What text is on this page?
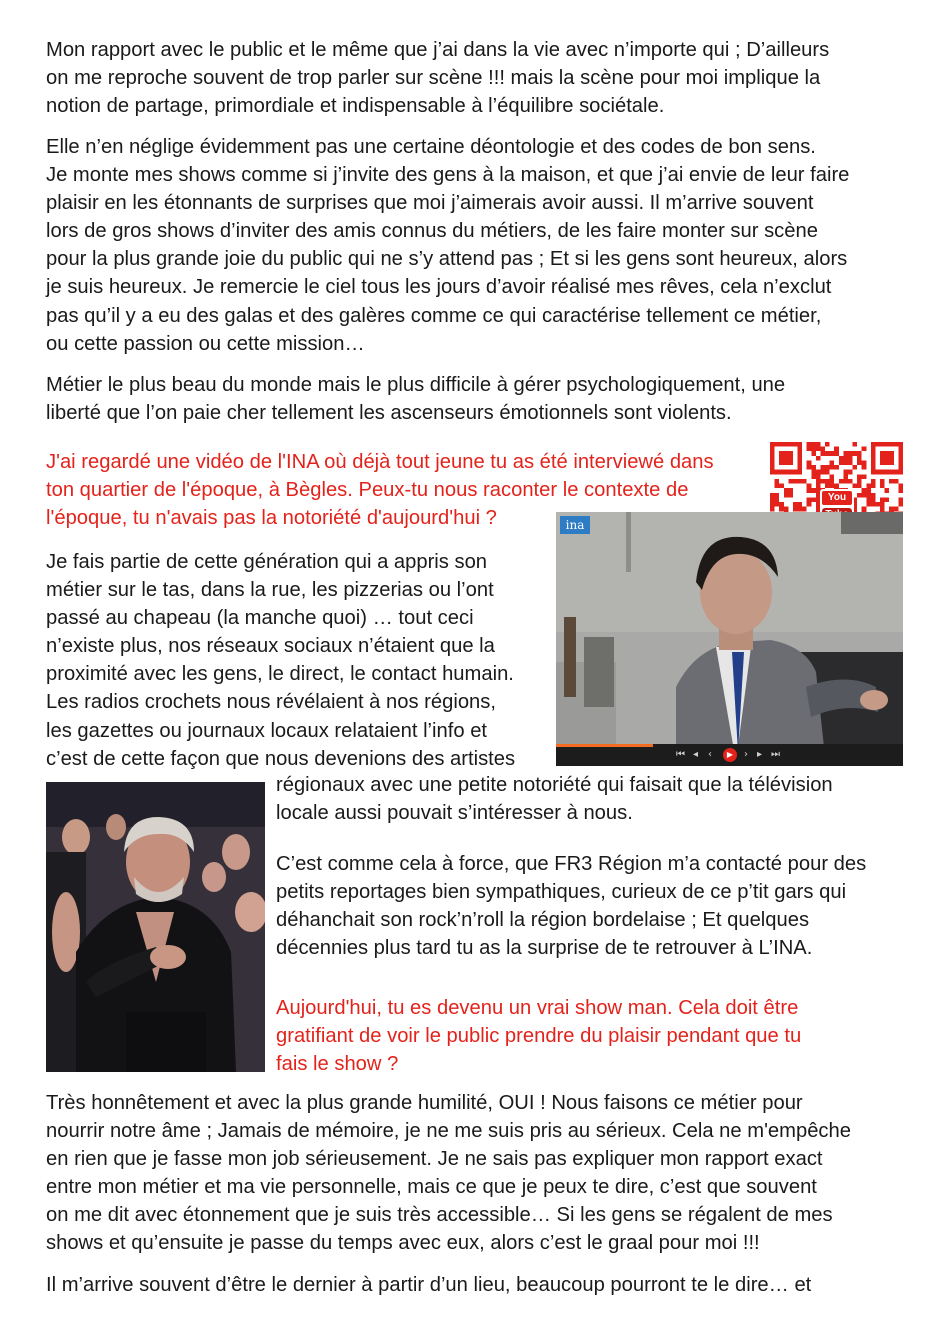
Mon rapport avec le public et le même que j’ai dans la vie avec n’importe qui ; D’ailleurs
on me reproche souvent de trop parler sur scène !!! mais la scène pour moi implique la
notion de partage, primordiale et indispensable à l’équilibre sociétale.
Elle n’en néglige évidemment pas une certaine déontologie et des codes de bon sens.
Je monte mes shows comme si j’invite des gens à la maison, et que j’ai envie de leur faire
plaisir en les étonnants de surprises que moi j’aimerais avoir aussi. Il m’arrive souvent
lors de gros shows d’inviter des amis connus du métiers, de les faire monter sur scène
pour la plus grande joie du public qui ne s’y attend pas ; Et si les gens sont heureux, alors
je suis heureux. Je remercie le ciel tous les jours d’avoir réalisé mes rêves, cela n’exclut
pas qu’il y a eu des galas et des galères comme ce qui caractérise tellement ce métier,
ou cette passion ou cette mission…
Métier le plus beau du monde mais le plus difficile à gérer psychologiquement, une
liberté que l’on paie cher tellement les ascenseurs émotionnels sont violents.
J'ai regardé une vidéo de l'INA où déjà tout jeune tu as été interviewé dans
ton quartier de l'époque, à Bègles. Peux-tu nous raconter le contexte de
l'époque, tu n'avais pas la notoriété d'aujourd'hui ?
You
ina
⏮ ◂ ‹	▶	› ▸ ⏭
Je fais partie de cette génération qui a appris son
métier sur le tas, dans la rue, les pizzerias ou l’ont
passé au chapeau (la manche quoi) … tout ceci
n’existe plus, nos réseaux sociaux n’étaient que la
proximité avec les gens, le direct, le contact humain.
Les radios crochets nous révélaient à nos régions,
les gazettes ou journaux locaux relataient l’info et
c’est de cette façon que nous devenions des artistes
régionaux avec une petite notoriété qui faisait que la télévision
locale aussi pouvait s’intéresser à nous.
C’est comme cela à force, que FR3 Région m’a contacté pour des
petits reportages bien sympathiques, curieux de ce p’tit gars qui
déhanchait son rock’n’roll la région bordelaise ; Et quelques
décennies plus tard tu as la surprise de te retrouver à L’INA.
Aujourd'hui, tu es devenu un vrai show man. Cela doit être
gratifiant de voir le public prendre du plaisir pendant que tu
fais le show ?
Très honnêtement et avec la plus grande humilité, OUI ! Nous faisons ce métier pour
nourrir notre âme ; Jamais de mémoire, je ne me suis pris au sérieux. Cela ne m'empêche
en rien que je fasse mon job sérieusement. Je ne sais pas expliquer mon rapport exact
entre mon métier et ma vie personnelle, mais ce que je peux te dire, c’est que souvent
on me dit avec étonnement que je suis très accessible… Si les gens se régalent de mes
shows et qu’ensuite je passe du temps avec eux, alors c’est le graal pour moi !!!
Il m’arrive souvent d’être le dernier à partir d’un lieu, beaucoup pourront te le dire… et
